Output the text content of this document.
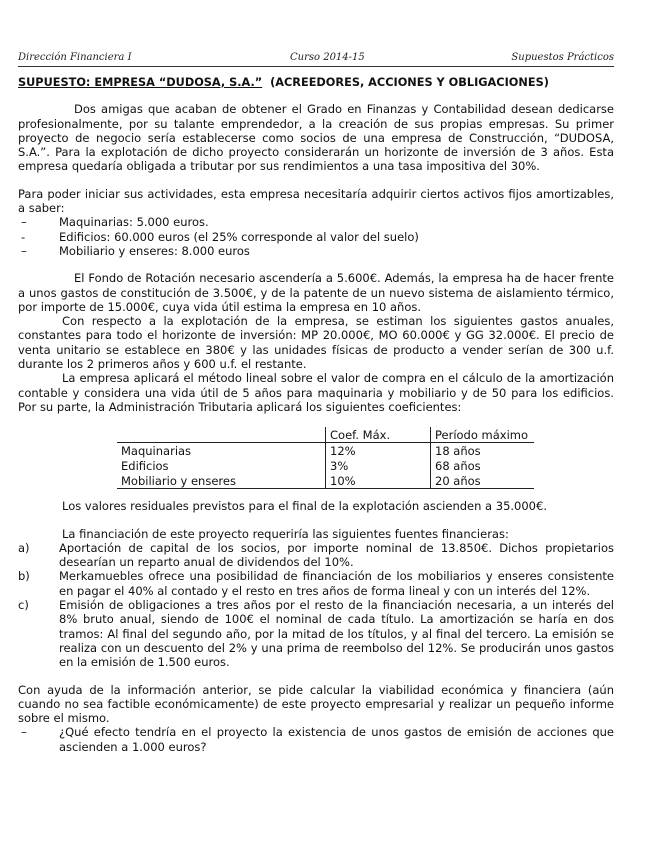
Dirección Financiera I	Curso 2014-15	Supuestos Prácticos
SUPUESTO: EMPRESA “DUDOSA, S.A.” (ACREEDORES, ACCIONES Y OBLIGACIONES)

Dos amigas que acaban de obtener el Grado en Finanzas y Contabilidad desean dedicarse profesionalmente, por su talante emprendedor, a la creación de sus propias empresas. Su primer proyecto de negocio sería establecerse como socios de una empresa de Construcción, “DUDOSA, S.A.”. Para la explotación de dicho proyecto considerarán un horizonte de inversión de 3 años. Esta empresa quedaría obligada a tributar por sus rendimientos a una tasa impositiva del 30%.

Para poder iniciar sus actividades, esta empresa necesitaría adquirir ciertos activos fijos amortizables, a saber:

–	Maquinarias: 5.000 euros.
-	Edificios: 60.000 euros (el 25% corresponde al valor del suelo)
–	Mobiliario y enseres: 8.000 euros

El Fondo de Rotación necesario ascendería a 5.600€. Además, la empresa ha de hacer frente a unos gastos de constitución de 3.500€, y de la patente de un nuevo sistema de aislamiento térmico, por importe de 15.000€, cuya vida útil estima la empresa en 10 años.

Con respecto a la explotación de la empresa, se estiman los siguientes gastos anuales, constantes para todo el horizonte de inversión: MP 20.000€, MO 60.000€ y GG 32.000€. El precio de venta unitario se establece en 380€ y las unidades físicas de producto a vender serían de 300 u.f. durante los 2 primeros años y 600 u.f. el restante.

La empresa aplicará el método lineal sobre el valor de compra en el cálculo de la amortización contable y considera una vida útil de 5 años para maquinaria y mobiliario y de 50 para los edificios. Por su parte, la Administración Tributaria aplicará los siguientes coeficientes:

	Coef. Máx.	Período máximo
Maquinarias	12%	18 años
Edificios	3%	68 años
Mobiliario y enseres	10%	20 años

Los valores residuales previstos para el final de la explotación ascienden a 35.000€.

La financiación de este proyecto requeriría las siguientes fuentes financieras:

a)	Aportación de capital de los socios, por importe nominal de 13.850€. Dichos propietarios desearían un reparto anual de dividendos del 10%.
b)	Merkamuebles ofrece una posibilidad de financiación de los mobiliarios y enseres consistente en pagar el 40% al contado y el resto en tres años de forma lineal y con un interés del 12%.
c)	Emisión de obligaciones a tres años por el resto de la financiación necesaria, a un interés del 8% bruto anual, siendo de 100€ el nominal de cada título. La amortización se haría en dos tramos: Al final del segundo año, por la mitad de los títulos, y al final del tercero. La emisión se realiza con un descuento del 2% y una prima de reembolso del 12%. Se producirán unos gastos en la emisión de 1.500 euros.

Con ayuda de la información anterior, se pide calcular la viabilidad económica y financiera (aún cuando no sea factible económicamente) de este proyecto empresarial y realizar un pequeño informe sobre el mismo.

–	¿Qué efecto tendría en el proyecto la existencia de unos gastos de emisión de acciones que ascienden a 1.000 euros?
